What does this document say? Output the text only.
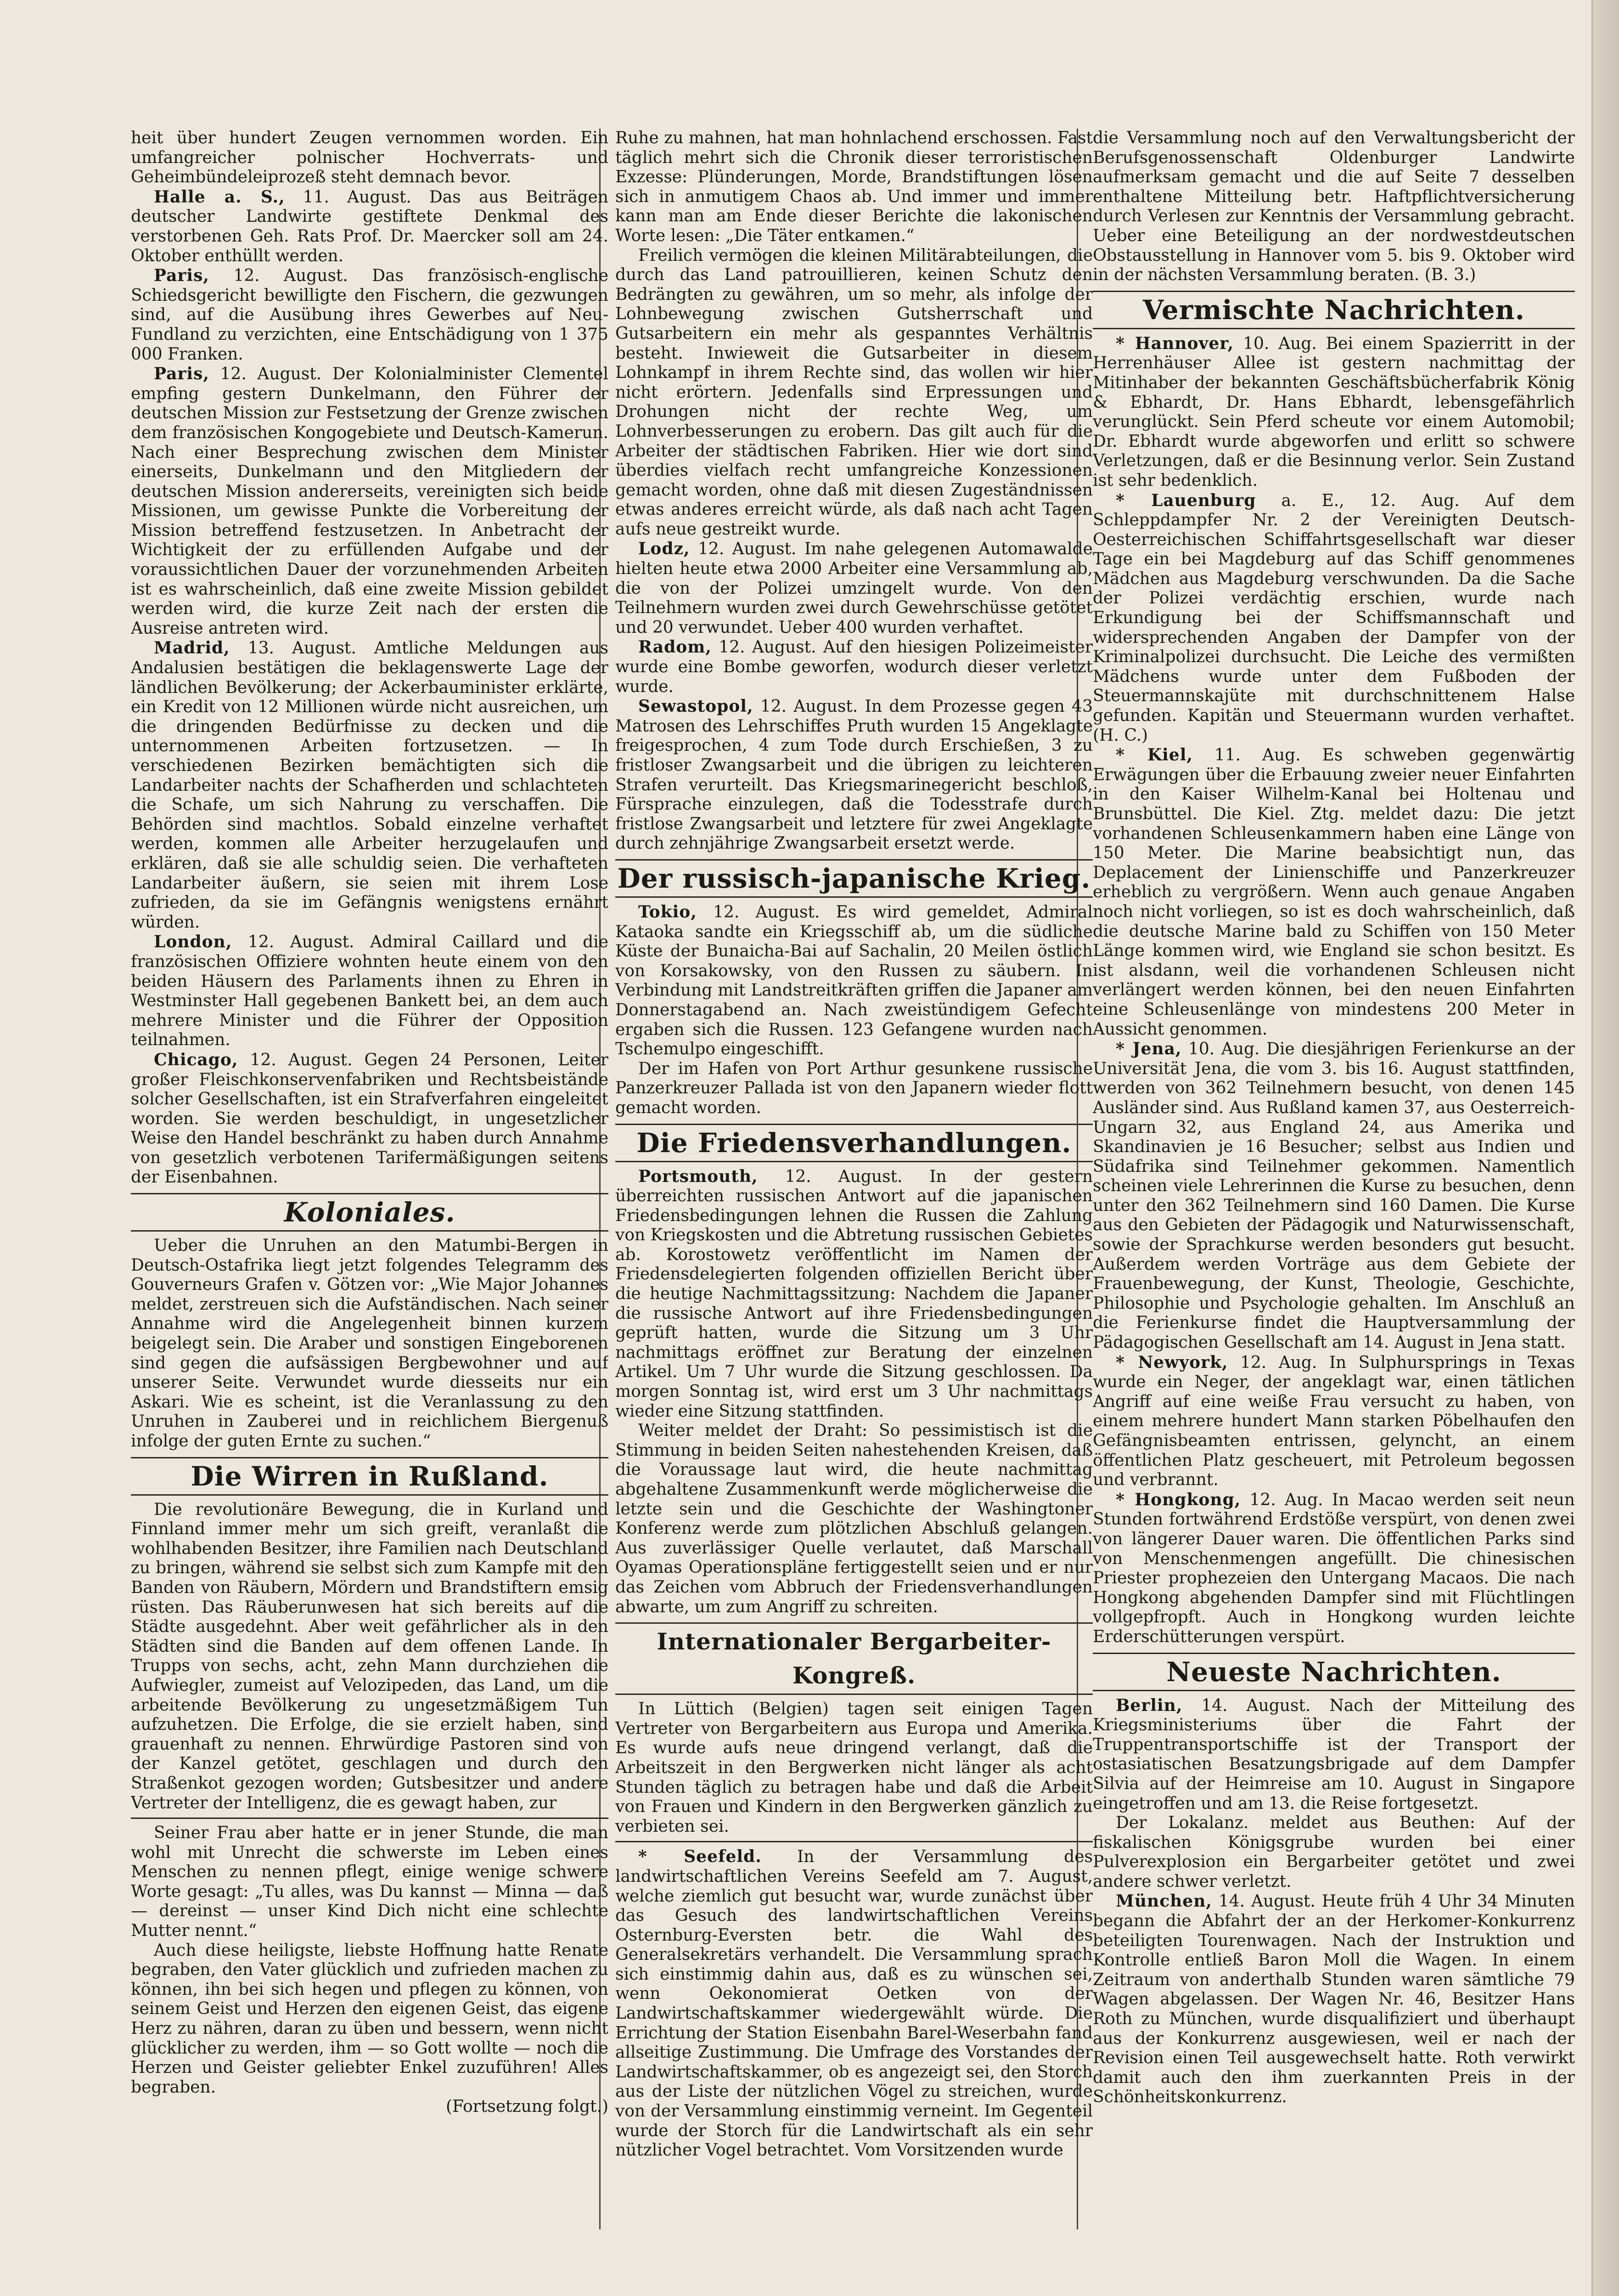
heit über hundert Zeugen vernommen worden. Ein umfangreicher polnischer Hochverrats- und Geheimbündeleiprozeß steht demnach bevor.

Halle a. S., 11. August. Das aus Beiträgen deutscher Landwirte gestiftete Denkmal des verstorbenen Geh. Rats Prof. Dr. Maercker soll am 24. Oktober enthüllt werden.

Paris, 12. August. Das französisch-englische Schiedsgericht bewilligte den Fischern, die gezwungen sind, auf die Ausübung ihres Gewerbes auf Neu-Fundland zu verzichten, eine Entschädigung von 1 375 000 Franken.

Paris, 12. August. Der Kolonialminister Clementel empfing gestern Dunkelmann, den Führer der deutschen Mission zur Festsetzung der Grenze zwischen dem französischen Kongogebiete und Deutsch-Kamerun. Nach einer Besprechung zwischen dem Minister einerseits, Dunkelmann und den Mitgliedern der deutschen Mission andererseits, vereinigten sich beide Missionen, um gewisse Punkte die Vorbereitung der Mission betreffend festzusetzen. In Anbetracht der Wichtigkeit der zu erfüllenden Aufgabe und der voraussichtlichen Dauer der vorzunehmenden Arbeiten ist es wahrscheinlich, daß eine zweite Mission gebildet werden wird, die kurze Zeit nach der ersten die Ausreise antreten wird.

Madrid, 13. August. Amtliche Meldungen aus Andalusien bestätigen die beklagenswerte Lage der ländlichen Bevölkerung; der Ackerbauminister erklärte, ein Kredit von 12 Millionen würde nicht ausreichen, um die dringenden Bedürfnisse zu decken und die unternommenen Arbeiten fortzusetzen. — In verschiedenen Bezirken bemächtigten sich die Landarbeiter nachts der Schafherden und schlachteten die Schafe, um sich Nahrung zu verschaffen. Die Behörden sind machtlos. Sobald einzelne verhaftet werden, kommen alle Arbeiter herzugelaufen und erklären, daß sie alle schuldig seien. Die verhafteten Landarbeiter äußern, sie seien mit ihrem Lose zufrieden, da sie im Gefängnis wenigstens ernährt würden.

London, 12. August. Admiral Caillard und die französischen Offiziere wohnten heute einem von den beiden Häusern des Parlaments ihnen zu Ehren in Westminster Hall gegebenen Bankett bei, an dem auch mehrere Minister und die Führer der Opposition teilnahmen.

Chicago, 12. August. Gegen 24 Personen, Leiter großer Fleischkonservenfabriken und Rechtsbeistände solcher Gesellschaften, ist ein Strafverfahren eingeleitet worden. Sie werden beschuldigt, in ungesetzlicher Weise den Handel beschränkt zu haben durch Annahme von gesetzlich verbotenen Tarifermäßigungen seitens der Eisenbahnen.

Koloniales.

Ueber die Unruhen an den Matumbi-Bergen in Deutsch-Ostafrika liegt jetzt folgendes Telegramm des Gouverneurs Grafen v. Götzen vor: „Wie Major Johannes meldet, zerstreuen sich die Aufständischen. Nach seiner Annahme wird die Angelegenheit binnen kurzem beigelegt sein. Die Araber und sonstigen Eingeborenen sind gegen die aufsässigen Bergbewohner und auf unserer Seite. Verwundet wurde diesseits nur ein Askari. Wie es scheint, ist die Veranlassung zu den Unruhen in Zauberei und in reichlichem Biergenuß infolge der guten Ernte zu suchen.“

Die Wirren in Rußland.

Die revolutionäre Bewegung, die in Kurland und Finnland immer mehr um sich greift, veranlaßt die wohlhabenden Besitzer, ihre Familien nach Deutschland zu bringen, während sie selbst sich zum Kampfe mit den Banden von Räubern, Mördern und Brandstiftern emsig rüsten. Das Räuberunwesen hat sich bereits auf die Städte ausgedehnt. Aber weit gefährlicher als in den Städten sind die Banden auf dem offenen Lande. In Trupps von sechs, acht, zehn Mann durchziehen die Aufwiegler, zumeist auf Velozipeden, das Land, um die arbeitende Bevölkerung zu ungesetzmäßigem Tun aufzuhetzen. Die Erfolge, die sie erzielt haben, sind grauenhaft zu nennen. Ehrwürdige Pastoren sind von der Kanzel getötet, geschlagen und durch den Straßenkot gezogen worden; Gutsbesitzer und andere Vertreter der Intelligenz, die es gewagt haben, zur

Seiner Frau aber hatte er in jener Stunde, die man wohl mit Unrecht die schwerste im Leben eines Menschen zu nennen pflegt, einige wenige schwere Worte gesagt: „Tu alles, was Du kannst — Minna — daß — dereinst — unser Kind Dich nicht eine schlechte Mutter nennt.“

Auch diese heiligste, liebste Hoffnung hatte Renate begraben, den Vater glücklich und zufrieden machen zu können, ihn bei sich hegen und pflegen zu können, von seinem Geist und Herzen den eigenen Geist, das eigene Herz zu nähren, daran zu üben und bessern, wenn nicht glücklicher zu werden, ihm — so Gott wollte — noch die Herzen und Geister geliebter Enkel zuzuführen! Alles begraben.

(Fortsetzung folgt.)

Ruhe zu mahnen, hat man hohnlachend erschossen. Fast täglich mehrt sich die Chronik dieser terroristischen Exzesse: Plünderungen, Morde, Brandstiftungen lösen sich in anmutigem Chaos ab. Und immer und immer kann man am Ende dieser Berichte die lakonischen Worte lesen: „Die Täter entkamen.“

Freilich vermögen die kleinen Militärabteilungen, die durch das Land patrouillieren, keinen Schutz den Bedrängten zu gewähren, um so mehr, als infolge der Lohnbewegung zwischen Gutsherrschaft und Gutsarbeitern ein mehr als gespanntes Verhältnis besteht. Inwieweit die Gutsarbeiter in diesem Lohnkampf in ihrem Rechte sind, das wollen wir hier nicht erörtern. Jedenfalls sind Erpressungen und Drohungen nicht der rechte Weg, um Lohnverbesserungen zu erobern. Das gilt auch für die Arbeiter der städtischen Fabriken. Hier wie dort sind überdies vielfach recht umfangreiche Konzessionen gemacht worden, ohne daß mit diesen Zugeständnissen etwas anderes erreicht würde, als daß nach acht Tagen aufs neue gestreikt wurde.

Lodz, 12. August. Im nahe gelegenen Automawalde hielten heute etwa 2000 Arbeiter eine Versammlung ab, die von der Polizei umzingelt wurde. Von den Teilnehmern wurden zwei durch Gewehrschüsse getötet und 20 verwundet. Ueber 400 wurden verhaftet.

Radom, 12. August. Auf den hiesigen Polizeimeister wurde eine Bombe geworfen, wodurch dieser verletzt wurde.

Sewastopol, 12. August. In dem Prozesse gegen 43 Matrosen des Lehrschiffes Pruth wurden 15 Angeklagte freigesprochen, 4 zum Tode durch Erschießen, 3 zu fristloser Zwangsarbeit und die übrigen zu leichteren Strafen verurteilt. Das Kriegsmarinegericht beschloß, Fürsprache einzulegen, daß die Todesstrafe durch fristlose Zwangsarbeit und letztere für zwei Angeklagte durch zehnjährige Zwangsarbeit ersetzt werde.

Der russisch-japanische Krieg.

Tokio, 12. August. Es wird gemeldet, Admiral Kataoka sandte ein Kriegsschiff ab, um die südliche Küste der Bunaicha-Bai auf Sachalin, 20 Meilen östlich von Korsakowsky, von den Russen zu säubern. In Verbindung mit Landstreitkräften griffen die Japaner am Donnerstagabend an. Nach zweistündigem Gefecht ergaben sich die Russen. 123 Gefangene wurden nach Tschemulpo eingeschifft.

Der im Hafen von Port Arthur gesunkene russische Panzerkreuzer Pallada ist von den Japanern wieder flott gemacht worden.

Die Friedensverhandlungen.

Portsmouth, 12. August. In der gestern überreichten russischen Antwort auf die japanischen Friedensbedingungen lehnen die Russen die Zahlung von Kriegskosten und die Abtretung russischen Gebietes ab. Korostowetz veröffentlicht im Namen der Friedensdelegierten folgenden offiziellen Bericht über die heutige Nachmittagssitzung: Nachdem die Japaner die russische Antwort auf ihre Friedensbedingungen geprüft hatten, wurde die Sitzung um 3 Uhr nachmittags eröffnet zur Beratung der einzelnen Artikel. Um 7 Uhr wurde die Sitzung geschlossen. Da morgen Sonntag ist, wird erst um 3 Uhr nachmittags wieder eine Sitzung stattfinden.

Weiter meldet der Draht: So pessimistisch ist die Stimmung in beiden Seiten nahestehenden Kreisen, daß die Voraussage laut wird, die heute nachmittag abgehaltene Zusammenkunft werde möglicherweise die letzte sein und die Geschichte der Washingtoner Konferenz werde zum plötzlichen Abschluß gelangen. Aus zuverlässiger Quelle verlautet, daß Marschall Oyamas Operationspläne fertiggestellt seien und er nur das Zeichen vom Abbruch der Friedensverhandlungen abwarte, um zum Angriff zu schreiten.

Internationaler Bergarbeiter-Kongreß.

In Lüttich (Belgien) tagen seit einigen Tagen Vertreter von Bergarbeitern aus Europa und Amerika. Es wurde aufs neue dringend verlangt, daß die Arbeitszeit in den Bergwerken nicht länger als acht Stunden täglich zu betragen habe und daß die Arbeit von Frauen und Kindern in den Bergwerken gänzlich zu verbieten sei.

* Seefeld. In der Versammlung des landwirtschaftlichen Vereins Seefeld am 7. August, welche ziemlich gut besucht war, wurde zunächst über das Gesuch des landwirtschaftlichen Vereins Osternburg-Eversten betr. die Wahl des Generalsekretärs verhandelt. Die Versammlung sprach sich einstimmig dahin aus, daß es zu wünschen sei, wenn Oekonomierat Oetken von der Landwirtschaftskammer wiedergewählt würde. Die Errichtung der Station Eisenbahn Barel-Weserbahn fand allseitige Zustimmung. Die Umfrage des Vorstandes der Landwirtschaftskammer, ob es angezeigt sei, den Storch aus der Liste der nützlichen Vögel zu streichen, wurde von der Versammlung einstimmig verneint. Im Gegenteil wurde der Storch für die Landwirtschaft als ein sehr nützlicher Vogel betrachtet. Vom Vorsitzenden wurde

die Versammlung noch auf den Verwaltungsbericht der Berufsgenossenschaft Oldenburger Landwirte aufmerksam gemacht und die auf Seite 7 desselben enthaltene Mitteilung betr. Haftpflichtversicherung durch Verlesen zur Kenntnis der Versammlung gebracht. Ueber eine Beteiligung an der nordwestdeutschen Obstausstellung in Hannover vom 5. bis 9. Oktober wird in der nächsten Versammlung beraten. (B. 3.)

Vermischte Nachrichten.

* Hannover, 10. Aug. Bei einem Spazierritt in der Herrenhäuser Allee ist gestern nachmittag der Mitinhaber der bekannten Geschäftsbücherfabrik König & Ebhardt, Dr. Hans Ebhardt, lebensgefährlich verunglückt. Sein Pferd scheute vor einem Automobil; Dr. Ebhardt wurde abgeworfen und erlitt so schwere Verletzungen, daß er die Besinnung verlor. Sein Zustand ist sehr bedenklich.

* Lauenburg a. E., 12. Aug. Auf dem Schleppdampfer Nr. 2 der Vereinigten Deutsch-Oesterreichischen Schiffahrtsgesellschaft war dieser Tage ein bei Magdeburg auf das Schiff genommenes Mädchen aus Magdeburg verschwunden. Da die Sache der Polizei verdächtig erschien, wurde nach Erkundigung bei der Schiffsmannschaft und widersprechenden Angaben der Dampfer von der Kriminalpolizei durchsucht. Die Leiche des vermißten Mädchens wurde unter dem Fußboden der Steuermannskajüte mit durchschnittenem Halse gefunden. Kapitän und Steuermann wurden verhaftet. (H. C.)

* Kiel, 11. Aug. Es schweben gegenwärtig Erwägungen über die Erbauung zweier neuer Einfahrten in den Kaiser Wilhelm-Kanal bei Holtenau und Brunsbüttel. Die Kiel. Ztg. meldet dazu: Die jetzt vorhandenen Schleusenkammern haben eine Länge von 150 Meter. Die Marine beabsichtigt nun, das Deplacement der Linienschiffe und Panzerkreuzer erheblich zu vergrößern. Wenn auch genaue Angaben noch nicht vorliegen, so ist es doch wahrscheinlich, daß die deutsche Marine bald zu Schiffen von 150 Meter Länge kommen wird, wie England sie schon besitzt. Es ist alsdann, weil die vorhandenen Schleusen nicht verlängert werden können, bei den neuen Einfahrten eine Schleusenlänge von mindestens 200 Meter in Aussicht genommen.

* Jena, 10. Aug. Die diesjährigen Ferienkurse an der Universität Jena, die vom 3. bis 16. August stattfinden, werden von 362 Teilnehmern besucht, von denen 145 Ausländer sind. Aus Rußland kamen 37, aus Oesterreich-Ungarn 32, aus England 24, aus Amerika und Skandinavien je 16 Besucher; selbst aus Indien und Südafrika sind Teilnehmer gekommen. Namentlich scheinen viele Lehrerinnen die Kurse zu besuchen, denn unter den 362 Teilnehmern sind 160 Damen. Die Kurse aus den Gebieten der Pädagogik und Naturwissenschaft, sowie der Sprachkurse werden besonders gut besucht. Außerdem werden Vorträge aus dem Gebiete der Frauenbewegung, der Kunst, Theologie, Geschichte, Philosophie und Psychologie gehalten. Im Anschluß an die Ferienkurse findet die Hauptversammlung der Pädagogischen Gesellschaft am 14. August in Jena statt.

* Newyork, 12. Aug. In Sulphursprings in Texas wurde ein Neger, der angeklagt war, einen tätlichen Angriff auf eine weiße Frau versucht zu haben, von einem mehrere hundert Mann starken Pöbelhaufen den Gefängnisbeamten entrissen, gelyncht, an einem öffentlichen Platz gescheuert, mit Petroleum begossen und verbrannt.

* Hongkong, 12. Aug. In Macao werden seit neun Stunden fortwährend Erdstöße verspürt, von denen zwei von längerer Dauer waren. Die öffentlichen Parks sind von Menschenmengen angefüllt. Die chinesischen Priester prophezeien den Untergang Macaos. Die nach Hongkong abgehenden Dampfer sind mit Flüchtlingen vollgepfropft. Auch in Hongkong wurden leichte Erderschütterungen verspürt.

Neueste Nachrichten.

Berlin, 14. August. Nach der Mitteilung des Kriegsministeriums über die Fahrt der Truppentransportschiffe ist der Transport der ostasiatischen Besatzungsbrigade auf dem Dampfer Silvia auf der Heimreise am 10. August in Singapore eingetroffen und am 13. die Reise fortgesetzt.

Der Lokalanz. meldet aus Beuthen: Auf der fiskalischen Königsgrube wurden bei einer Pulverexplosion ein Bergarbeiter getötet und zwei andere schwer verletzt.

München, 14. August. Heute früh 4 Uhr 34 Minuten begann die Abfahrt der an der Herkomer-Konkurrenz beteiligten Tourenwagen. Nach der Instruktion und Kontrolle entließ Baron Moll die Wagen. In einem Zeitraum von anderthalb Stunden waren sämtliche 79 Wagen abgelassen. Der Wagen Nr. 46, Besitzer Hans Roth zu München, wurde disqualifiziert und überhaupt aus der Konkurrenz ausgewiesen, weil er nach der Revision einen Teil ausgewechselt hatte. Roth verwirkt damit auch den ihm zuerkannten Preis in der Schönheitskonkurrenz.
